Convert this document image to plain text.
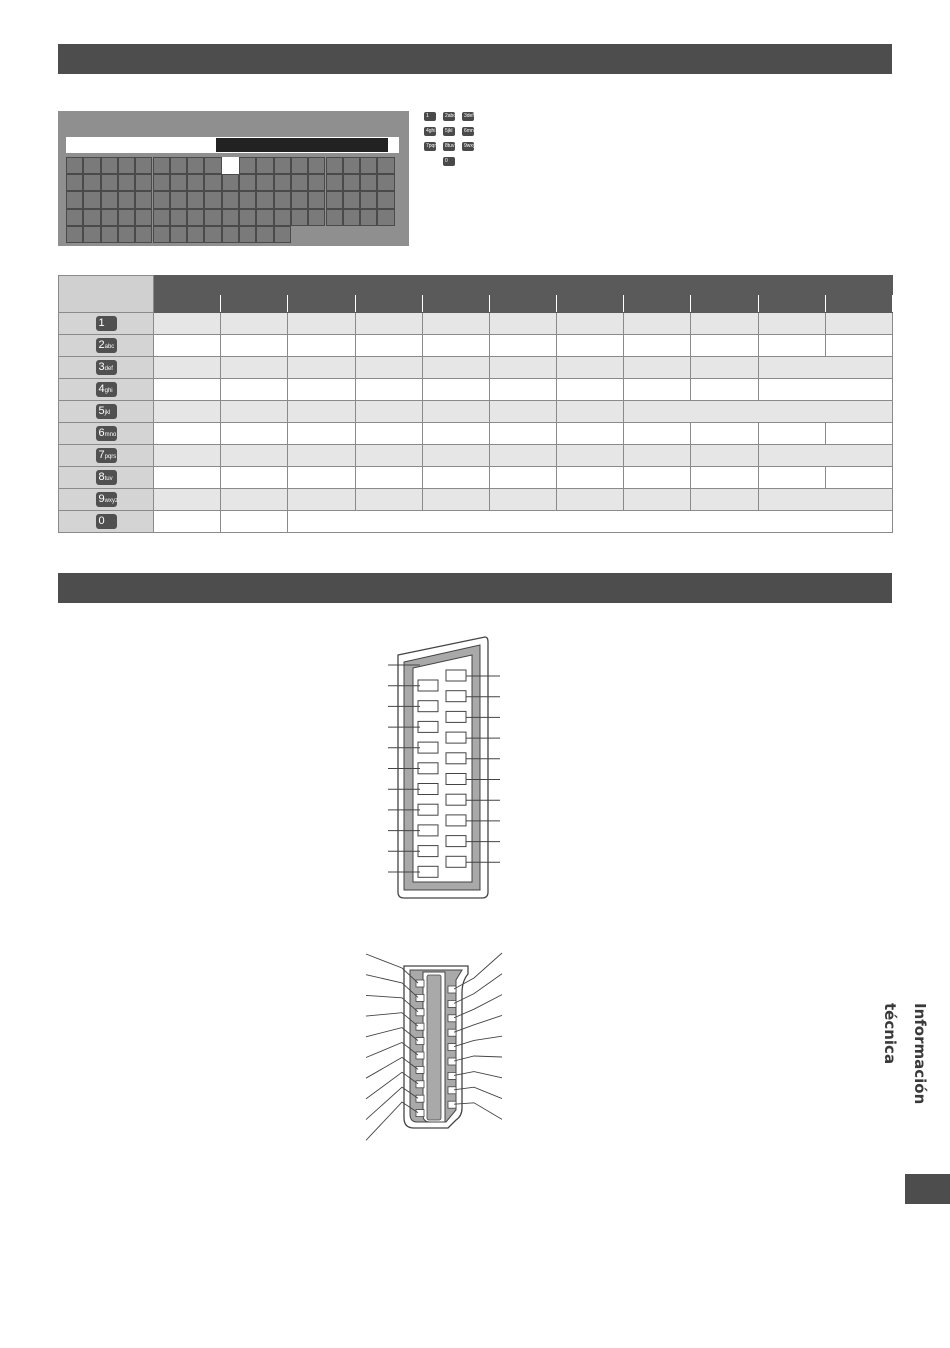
1	2abc	3def
4ghi	5jkl	6mno
7pqrs	8tuv	9wxyz
0

1											
2abc											
3def											
4ghi											
5jkl											
6mno											
7pqrs											
8tuv											
9wxyz											
0											
Información técnica
